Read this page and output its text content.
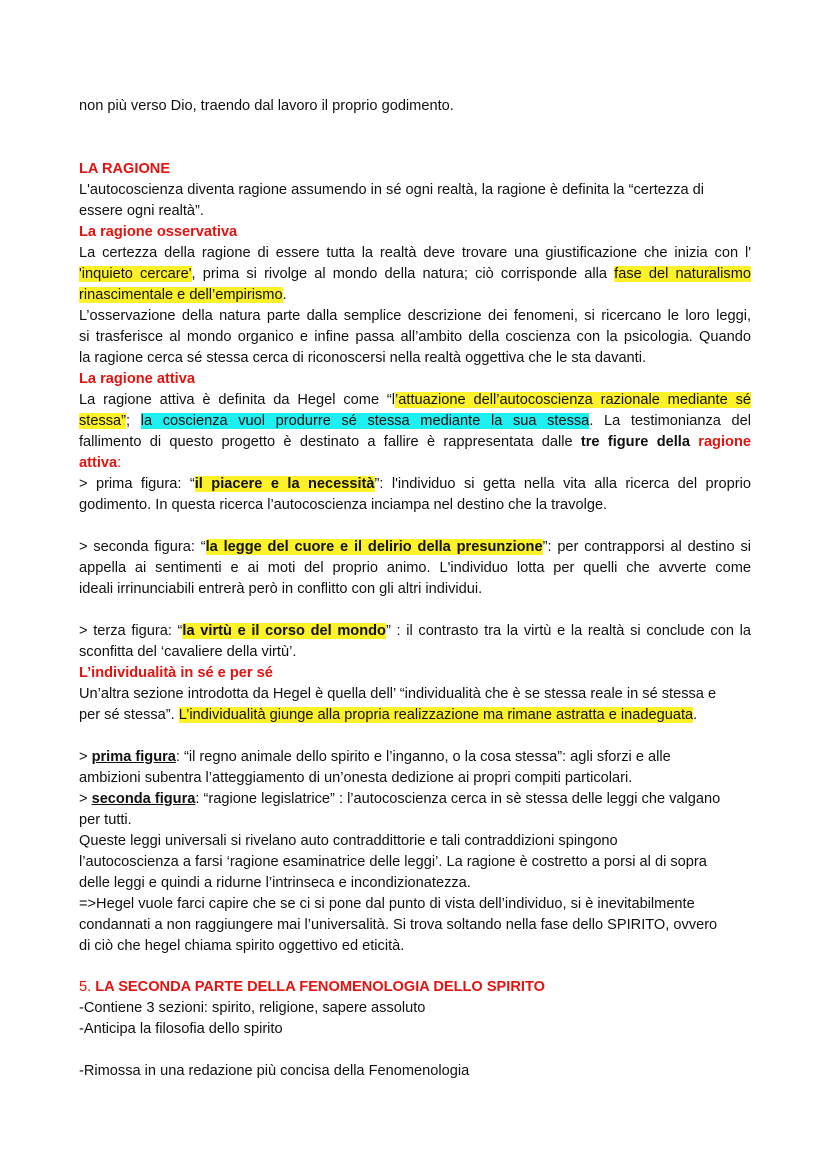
non più verso Dio, traendo dal lavoro il proprio godimento.
LA RAGIONE
L'autocoscienza diventa ragione assumendo in sé ogni realtà, la ragione è definita la “certezza di
essere ogni realtà”.
La ragione osservativa
La certezza della ragione di essere tutta la realtà deve trovare una giustificazione che inizia con l'
'inquieto cercare', prima si rivolge al mondo della natura; ciò corrisponde alla fase del naturalismo
rinascimentale e dell’empirismo.
L’osservazione della natura parte dalla semplice descrizione dei fenomeni, si ricercano le loro leggi,
si trasferisce al mondo organico e infine passa all’ambito della coscienza con la psicologia. Quando
la ragione cerca sé stessa cerca di riconoscersi nella realtà oggettiva che le sta davanti.
La ragione attiva
La ragione attiva è definita da Hegel come “l’attuazione dell’autocoscienza razionale mediante sé
stessa”; la coscienza vuol produrre sé stessa mediante la sua stessa. La testimonianza del
fallimento di questo progetto è destinato a fallire è rappresentata dalle tre figure della ragione
attiva:
> prima figura: “il piacere e la necessità”: l'individuo si getta nella vita alla ricerca del proprio
godimento. In questa ricerca l’autocoscienza inciampa nel destino che la travolge.
> seconda figura: “la legge del cuore e il delirio della presunzione”: per contrapporsi al destino si
appella ai sentimenti e ai moti del proprio animo. L'individuo lotta per quelli che avverte come
ideali irrinunciabili entrerà però in conflitto con gli altri individui.
> terza figura: “la virtù e il corso del mondo” : il contrasto tra la virtù e la realtà si conclude con la
sconfitta del ‘cavaliere della virtù’.
L’individualità in sé e per sé
Un’altra sezione introdotta da Hegel è quella dell’ “individualità che è se stessa reale in sé stessa e
per sé stessa”. L’individualità giunge alla propria realizzazione ma rimane astratta e inadeguata.
> prima figura: “il regno animale dello spirito e l’inganno, o la cosa stessa”: agli sforzi e alle
ambizioni subentra l’atteggiamento di un’onesta dedizione ai propri compiti particolari.
> seconda figura: “ragione legislatrice” : l’autocoscienza cerca in sè stessa delle leggi che valgano
per tutti.
Queste leggi universali si rivelano auto contraddittorie e tali contraddizioni spingono
l’autocoscienza a farsi ‘ragione esaminatrice delle leggi’. La ragione è costretto a porsi al di sopra
delle leggi e quindi a ridurne l’intrinseca e incondizionatezza.
=>Hegel vuole farci capire che se ci si pone dal punto di vista dell’individuo, si è inevitabilmente
condannati a non raggiungere mai l’universalità. Si trova soltando nella fase dello SPIRITO, ovvero
di ciò che hegel chiama spirito oggettivo ed eticità.
5. LA SECONDA PARTE DELLA FENOMENOLOGIA DELLO SPIRITO
-Contiene 3 sezioni: spirito, religione, sapere assoluto
-Anticipa la filosofia dello spirito
-Rimossa in una redazione più concisa della Fenomenologia
